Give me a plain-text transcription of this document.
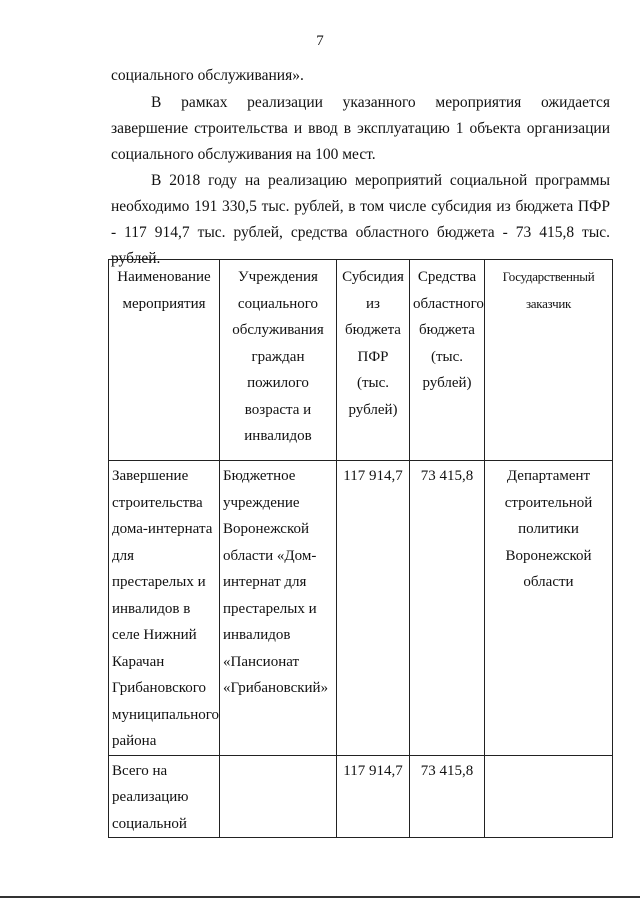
7

социального обслуживания».

В рамках реализации указанного мероприятия ожидается завершение строительства и ввод в эксплуатацию 1 объекта организации социального обслуживания на 100 мест.

В 2018 году на реализацию мероприятий социальной программы необходимо 191 330,5 тыс. рублей, в том числе субсидия из бюджета ПФР - 117 914,7 тыс. рублей, средства областного бюджета - 73 415,8 тыс. рублей.

Наименование мероприятия	Учреждения социального обслуживания граждан пожилого возраста и инвалидов	Субсидия из бюджета ПФР (тыс. рублей)	Средства областного бюджета (тыс. рублей)	Государственный заказчик
Завершение строительства дома-интерната для престарелых и инвалидов в селе Нижний Карачан Грибановского муниципального района	Бюджетное учреждение Воронежской области «Дом-интернат для престарелых и инвалидов «Пансионат «Грибановский»	117 914,7	73 415,8	Департамент строительной политики Воронежской области
Всего на реализацию социальной		117 914,7	73 415,8	
